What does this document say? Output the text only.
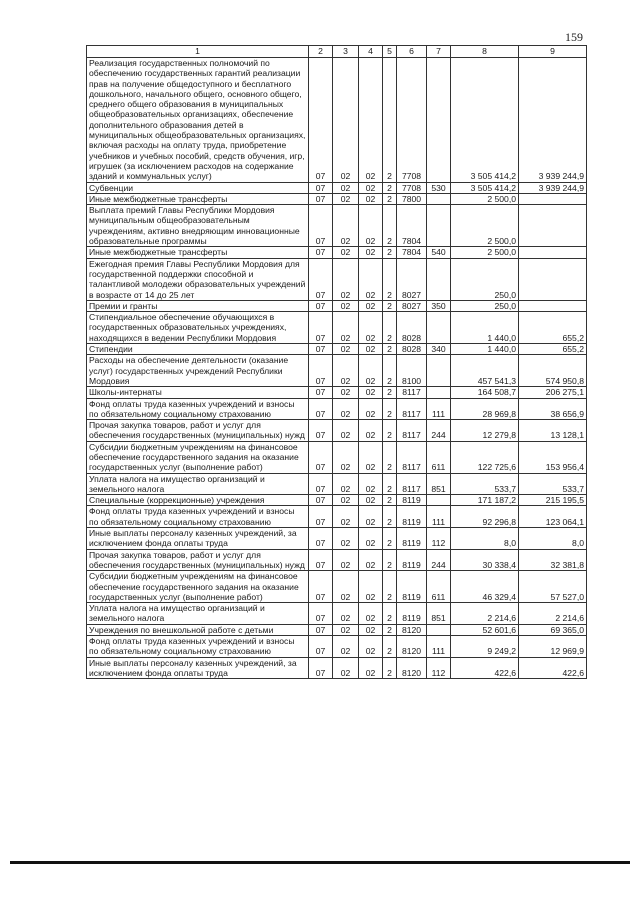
159
1	2	3	4	5	6	7	8	9
Реализация государственных полномочий по обеспечению государственных гарантий реализации прав на получение общедоступного и бесплатного дошкольного, начального общего, основного общего, среднего общего образования в муниципальных общеобразовательных организациях, обеспечение дополнительного образования детей в муниципальных общеобразовательных организациях, включая расходы на оплату труда, приобретение учебников и учебных пособий, средств обучения, игр, игрушек (за исключением расходов на содержание зданий и коммунальных услуг)	07	02	02	2	7708		3 505 414,2	3 939 244,9
Субвенции	07	02	02	2	7708	530	3 505 414,2	3 939 244,9
Иные межбюджетные трансферты	07	02	02	2	7800		2 500,0	
Выплата премий Главы Республики Мордовия муниципальным общеобразовательным учреждениям, активно внедряющим инновационные образовательные программы	07	02	02	2	7804		2 500,0	
Иные межбюджетные трансферты	07	02	02	2	7804	540	2 500,0	
Ежегодная премия Главы Республики Мордовия для государственной поддержки способной и талантливой молодежи образовательных учреждений в возрасте от 14 до 25 лет	07	02	02	2	8027		250,0	
Премии и гранты	07	02	02	2	8027	350	250,0	
Стипендиальное обеспечение обучающихся в государственных образовательных учреждениях, находящихся в ведении Республики Мордовия	07	02	02	2	8028		1 440,0	655,2
Стипендии	07	02	02	2	8028	340	1 440,0	655,2
Расходы на обеспечение деятельности (оказание услуг) государственных учреждений Республики Мордовия	07	02	02	2	8100		457 541,3	574 950,8
Школы-интернаты	07	02	02	2	8117		164 508,7	206 275,1
Фонд оплаты труда казенных учреждений и взносы по обязательному социальному страхованию	07	02	02	2	8117	111	28 969,8	38 656,9
Прочая закупка товаров, работ и услуг для обеспечения государственных (муниципальных) нужд	07	02	02	2	8117	244	12 279,8	13 128,1
Субсидии бюджетным учреждениям на финансовое обеспечение государственного задания на оказание государственных услуг (выполнение работ)	07	02	02	2	8117	611	122 725,6	153 956,4
Уплата налога на имущество организаций и земельного налога	07	02	02	2	8117	851	533,7	533,7
Специальные (коррекционные) учреждения	07	02	02	2	8119		171 187,2	215 195,5
Фонд оплаты труда казенных учреждений и взносы по обязательному социальному страхованию	07	02	02	2	8119	111	92 296,8	123 064,1
Иные выплаты персоналу казенных учреждений, за исключением фонда оплаты труда	07	02	02	2	8119	112	8,0	8,0
Прочая закупка товаров, работ и услуг для обеспечения государственных (муниципальных) нужд	07	02	02	2	8119	244	30 338,4	32 381,8
Субсидии бюджетным учреждениям на финансовое обеспечение государственного задания на оказание государственных услуг (выполнение работ)	07	02	02	2	8119	611	46 329,4	57 527,0
Уплата налога на имущество организаций и земельного налога	07	02	02	2	8119	851	2 214,6	2 214,6
Учреждения по внешкольной работе с детьми	07	02	02	2	8120		52 601,6	69 365,0
Фонд оплаты труда казенных учреждений и взносы по обязательному социальному страхованию	07	02	02	2	8120	111	9 249,2	12 969,9
Иные выплаты персоналу казенных учреждений, за исключением фонда оплаты труда	07	02	02	2	8120	112	422,6	422,6
